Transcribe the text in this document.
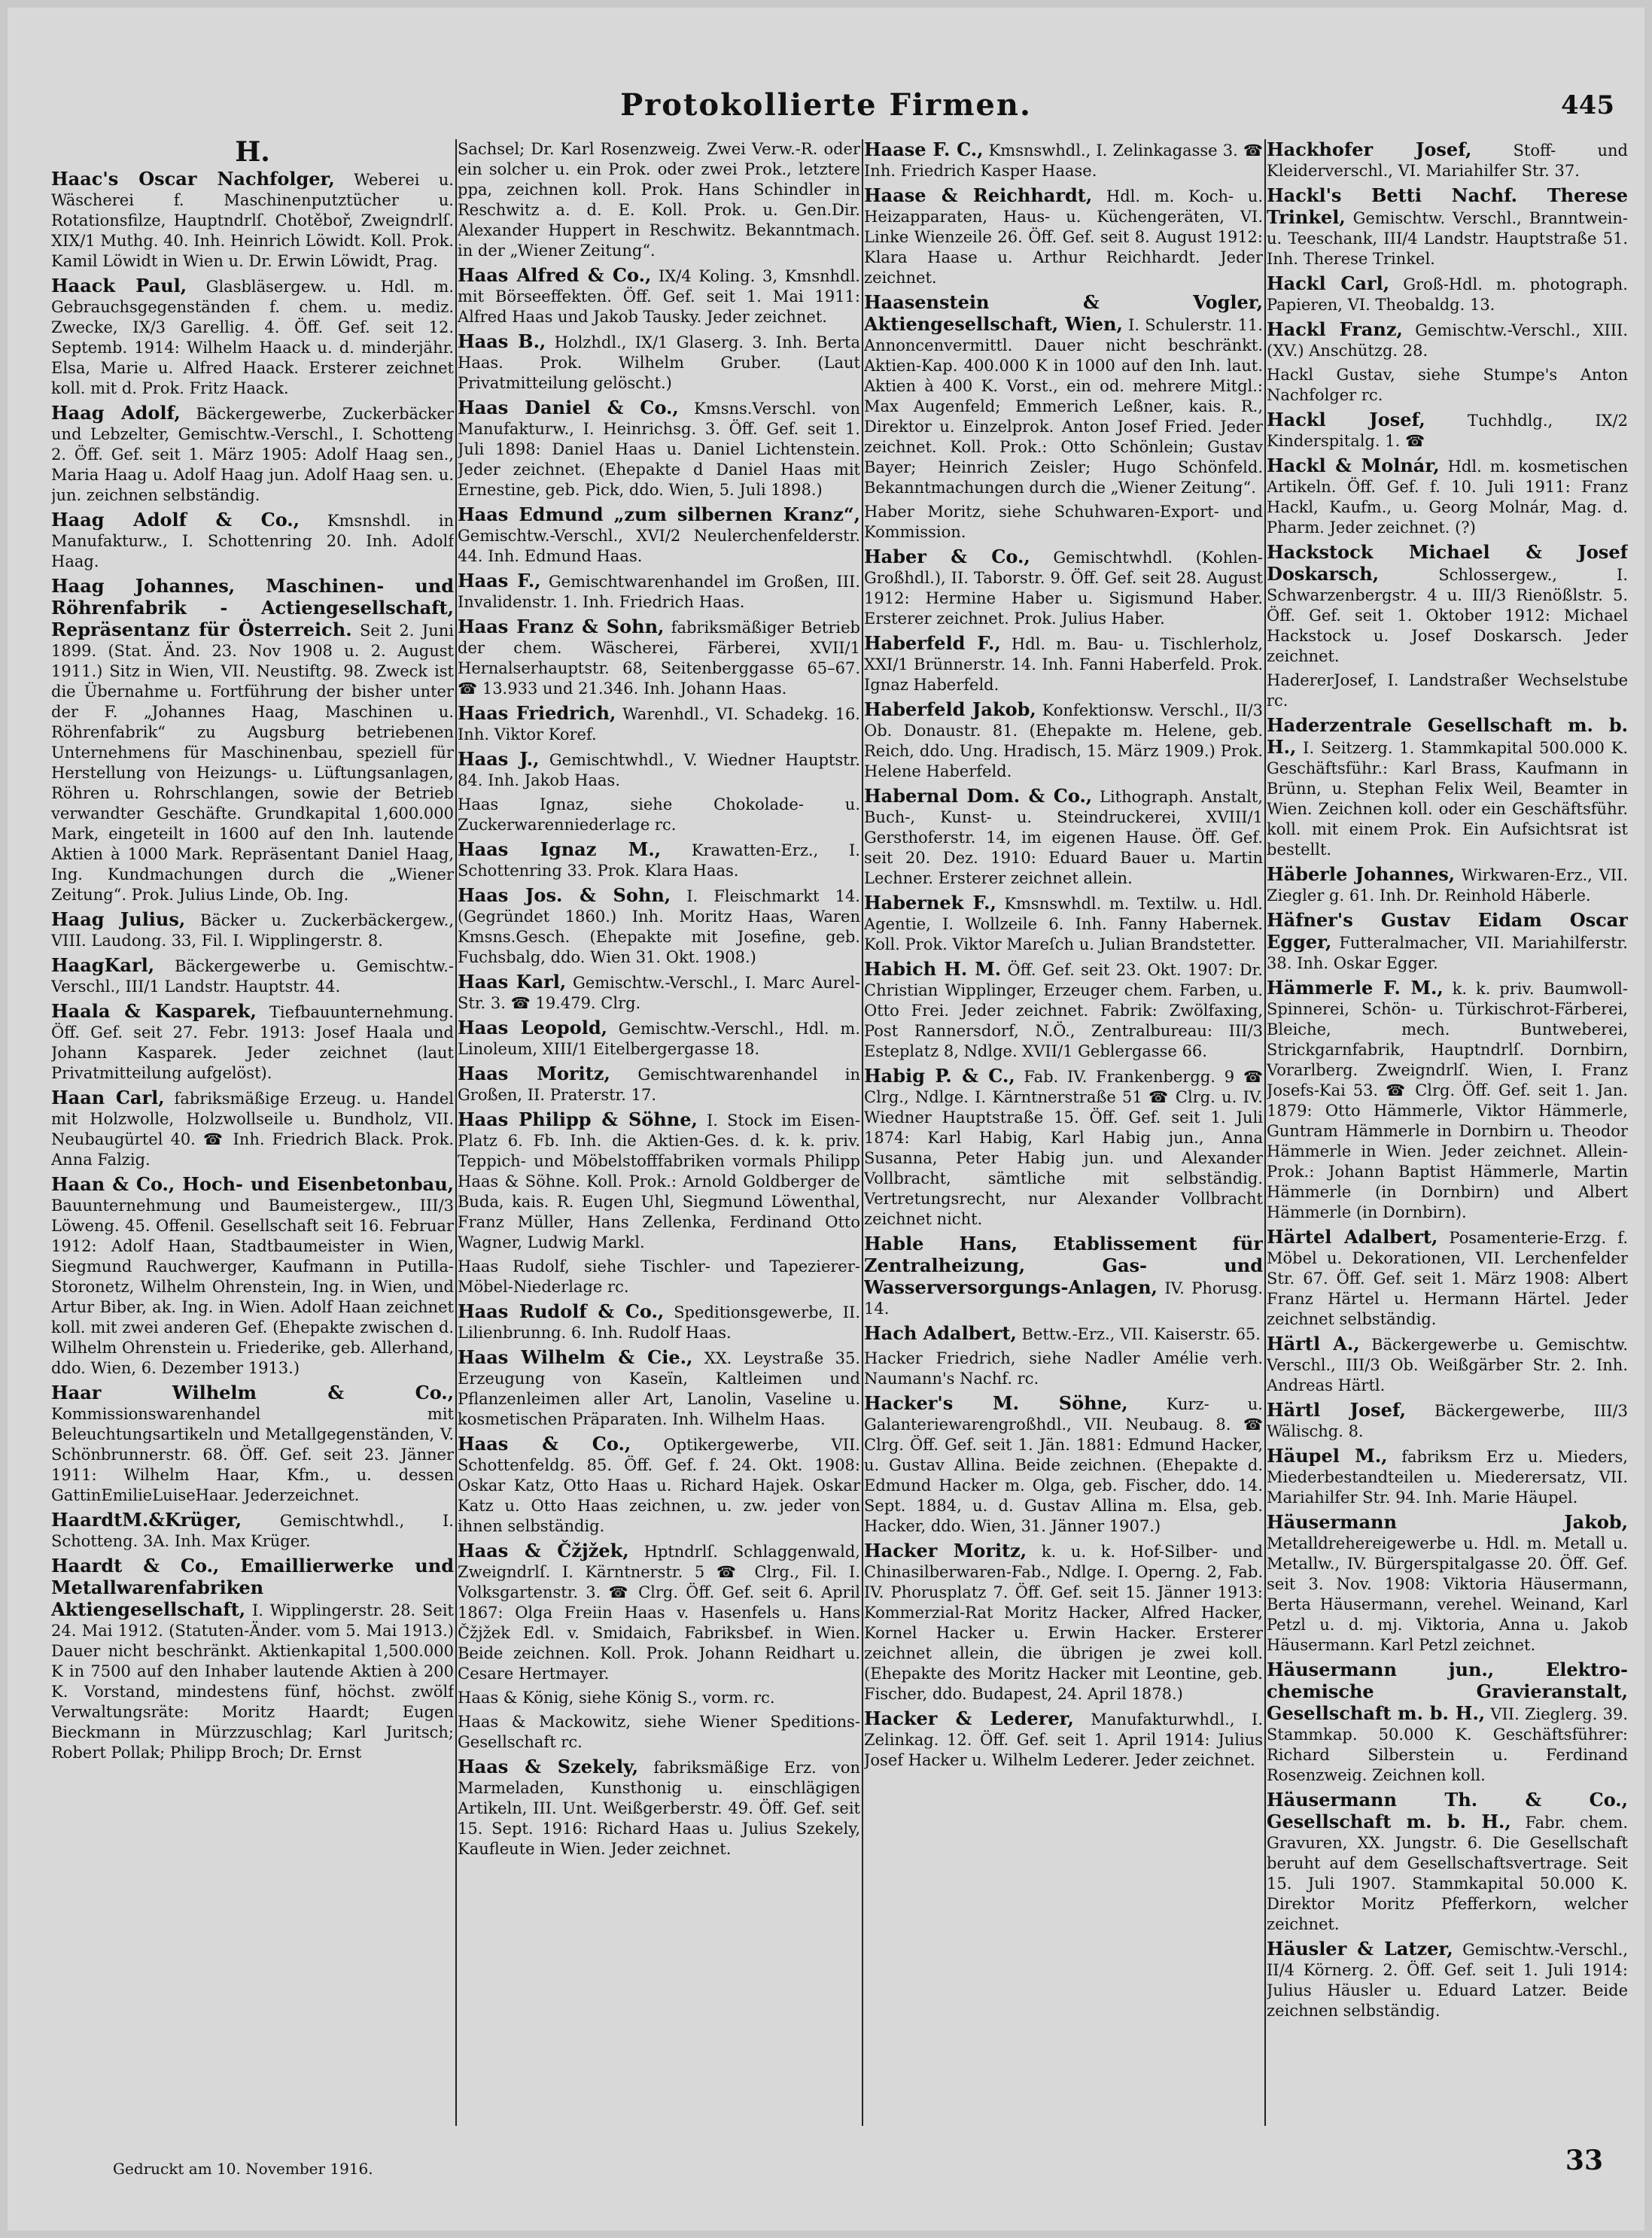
Protokollierte Firmen.	445
H.
Haac's Oscar Nachfolger, Weberei u. Wäscherei f. Maschinenputztücher u. Rotationsfilze, Hauptndrlſ. Chotěboř, Zweigndrlſ. XIX/1 Muthg. 40. Inh. Heinrich Löwidt. Koll. Prok. Kamil Löwidt in Wien u. Dr. Erwin Löwidt, Prag.
Haack Paul, Glasbläsergew. u. Hdl. m. Gebrauchsgegenständen f. chem. u. mediz. Zwecke, IX/3 Garellig. 4. Öff. Gef. seit 12. Septemb. 1914: Wilhelm Haack u. d. minderjähr. Elsa, Marie u. Alfred Haack. Ersterer zeichnet koll. mit d. Prok. Fritz Haack.
Haag Adolf, Bäckergewerbe, Zuckerbäcker und Lebzelter, Gemischtw.-Verschl., I. Schotteng 2. Öff. Gef. seit 1. März 1905: Adolf Haag sen., Maria Haag u. Adolf Haag jun. Adolf Haag sen. u. jun. zeichnen selbständig.
Haag Adolf & Co., Kmsnshdl. in Manufakturw., I. Schottenring 20. Inh. Adolf Haag.
Haag Johannes, Maschinen- und Röhrenfabrik - Actiengesellschaft, Repräsentanz für Österreich. Seit 2. Juni 1899. (Stat. Änd. 23. Nov 1908 u. 2. August 1911.) Sitz in Wien, VII. Neustiftg. 98. Zweck ist die Übernahme u. Fortführung der bisher unter der F. „Johannes Haag, Maschinen u. Röhrenfabrik“ zu Augsburg betriebenen Unternehmens für Maschinenbau, speziell für Herstellung von Heizungs- u. Lüftungsanlagen, Röhren u. Rohrschlangen, sowie der Betrieb verwandter Geschäfte. Grundkapital 1,600.000 Mark, eingeteilt in 1600 auf den Inh. lautende Aktien à 1000 Mark. Repräsentant Daniel Haag, Ing. Kundmachungen durch die „Wiener Zeitung“. Prok. Julius Linde, Ob. Ing.
Haag Julius, Bäcker u. Zuckerbäckergew., VIII. Laudong. 33, Fil. I. Wipplingerstr. 8.
HaagKarl, Bäckergewerbe u. Gemischtw.-Verschl., III/1 Landstr. Hauptstr. 44.
Haala & Kasparek, Tiefbauunternehmung. Öff. Gef. seit 27. Febr. 1913: Josef Haala und Johann Kasparek. Jeder zeichnet (laut Privatmitteilung aufgelöst).
Haan Carl, fabriksmäßige Erzeug. u. Handel mit Holzwolle, Holzwollseile u. Bundholz, VII. Neubaugürtel 40. ☎ Inh. Friedrich Black. Prok. Anna Falzig.
Haan & Co., Hoch- und Eisenbetonbau, Bauunternehmung und Baumeistergew., III/3 Löweng. 45. Offenil. Gesellschaft seit 16. Februar 1912: Adolf Haan, Stadtbaumeister in Wien, Siegmund Rauchwerger, Kaufmann in Putilla-Storonetz, Wilhelm Ohrenstein, Ing. in Wien, und Artur Biber, ak. Ing. in Wien. Adolf Haan zeichnet koll. mit zwei anderen Gef. (Ehepakte zwischen d. Wilhelm Ohrenstein u. Friederike, geb. Allerhand, ddo. Wien, 6. Dezember 1913.)
Haar Wilhelm & Co., Kommissionswarenhandel mit Beleuchtungsartikeln und Metallgegenständen, V. Schönbrunnerstr. 68. Öff. Gef. seit 23. Jänner 1911: Wilhelm Haar, Kfm., u. dessen GattinEmilieLuiseHaar. Jederzeichnet.
HaardtM.&Krüger, Gemischtwhdl., I. Schotteng. 3A. Inh. Max Krüger.
Haardt & Co., Emaillierwerke und Metallwarenfabriken Aktiengesellschaft, I. Wipplingerstr. 28. Seit 24. Mai 1912. (Statuten-Änder. vom 5. Mai 1913.) Dauer nicht beschränkt. Aktienkapital 1,500.000 K in 7500 auf den Inhaber lautende Aktien à 200 K. Vorstand, mindestens fünf, höchst. zwölf Verwaltungsräte: Moritz Haardt; Eugen Bieckmann in Mürzzuschlag; Karl Juritsch; Robert Pollak; Philipp Broch; Dr. Ernst
Sachsel; Dr. Karl Rosenzweig. Zwei Verw.-R. oder ein solcher u. ein Prok. oder zwei Prok., letztere ppa, zeichnen koll. Prok. Hans Schindler in Reschwitz a. d. E. Koll. Prok. u. Gen.Dir. Alexander Huppert in Reschwitz. Bekanntmach. in der „Wiener Zeitung“.
Haas Alfred & Co., IX/4 Koling. 3, Kmsnhdl. mit Börseeffekten. Öff. Gef. seit 1. Mai 1911: Alfred Haas und Jakob Tausky. Jeder zeichnet.
Haas B., Holzhdl., IX/1 Glaserg. 3. Inh. Berta Haas. Prok. Wilhelm Gruber. (Laut Privatmitteilung gelöscht.)
Haas Daniel & Co., Kmsns.Verschl. von Manufakturw., I. Heinrichsg. 3. Öff. Gef. seit 1. Juli 1898: Daniel Haas u. Daniel Lichtenstein. Jeder zeichnet. (Ehepakte d Daniel Haas mit Ernestine, geb. Pick, ddo. Wien, 5. Juli 1898.)
Haas Edmund „zum silbernen Kranz“, Gemischtw.-Verschl., XVI/2 Neulerchenfelderstr. 44. Inh. Edmund Haas.
Haas F., Gemischtwarenhandel im Großen, III. Invalidenstr. 1. Inh. Friedrich Haas.
Haas Franz & Sohn, fabriksmäßiger Betrieb der chem. Wäscherei, Färberei, XVII/1 Hernalserhauptstr. 68, Seitenberggasse 65–67. ☎ 13.933 und 21.346. Inh. Johann Haas.
Haas Friedrich, Warenhdl., VI. Schadekg. 16. Inh. Viktor Koref.
Haas J., Gemischtwhdl., V. Wiedner Hauptstr. 84. Inh. Jakob Haas.
Haas Ignaz, siehe Chokolade- u. Zuckerwarenniederlage rc.
Haas Ignaz M., Krawatten-Erz., I. Schottenring 33. Prok. Klara Haas.
Haas Jos. & Sohn, I. Fleischmarkt 14. (Gegründet 1860.) Inh. Moritz Haas, Waren Kmsns.Gesch. (Ehepakte mit Josefine, geb. Fuchsbalg, ddo. Wien 31. Okt. 1908.)
Haas Karl, Gemischtw.-Verschl., I. Marc Aurel-Str. 3. ☎ 19.479. Clrg.
Haas Leopold, Gemischtw.-Verschl., Hdl. m. Linoleum, XIII/1 Eitelbergergasse 18.
Haas Moritz, Gemischtwarenhandel in Großen, II. Praterstr. 17.
Haas Philipp & Söhne, I. Stock im Eisen-Platz 6. Fb. Inh. die Aktien-Ges. d. k. k. priv. Teppich- und Möbelstofffabriken vormals Philipp Haas & Söhne. Koll. Prok.: Arnold Goldberger de Buda, kais. R. Eugen Uhl, Siegmund Löwenthal, Franz Müller, Hans Zellenka, Ferdinand Otto Wagner, Ludwig Markl.
Haas Rudolf, siehe Tischler- und Tapezierer-Möbel-Niederlage rc.
Haas Rudolf & Co., Speditionsgewerbe, II. Lilienbrunng. 6. Inh. Rudolf Haas.
Haas Wilhelm & Cie., XX. Leystraße 35. Erzeugung von Kaseïn, Kaltleimen und Pflanzenleimen aller Art, Lanolin, Vaseline u. kosmetischen Präparaten. Inh. Wilhelm Haas.
Haas & Co., Optikergewerbe, VII. Schottenfeldg. 85. Öff. Gef. f. 24. Okt. 1908: Oskar Katz, Otto Haas u. Richard Hajek. Oskar Katz u. Otto Haas zeichnen, u. zw. jeder von ihnen selbständig.
Haas & Čžjžek, Hptndrlſ. Schlaggenwald, Zweigndrlſ. I. Kärntnerstr. 5 ☎ Clrg., Fil. I. Volksgartenstr. 3. ☎ Clrg. Öff. Gef. seit 6. April 1867: Olga Freiin Haas v. Hasenfels u. Hans Čžjžek Edl. v. Smidaich, Fabriksbef. in Wien. Beide zeichnen. Koll. Prok. Johann Reidhart u. Cesare Hertmayer.
Haas & König, siehe König S., vorm. rc.
Haas & Mackowitz, siehe Wiener Speditions-Gesellschaft rc.
Haas & Szekely, fabriksmäßige Erz. von Marmeladen, Kunsthonig u. einschlägigen Artikeln, III. Unt. Weißgerberstr. 49. Öff. Gef. seit 15. Sept. 1916: Richard Haas u. Julius Szekely, Kaufleute in Wien. Jeder zeichnet.
Haase F. C., Kmsnswhdl., I. Zelinkagasse 3. ☎ Inh. Friedrich Kasper Haase.
Haase & Reichhardt, Hdl. m. Koch- u. Heizapparaten, Haus- u. Küchengeräten, VI. Linke Wienzeile 26. Öff. Gef. seit 8. August 1912: Klara Haase u. Arthur Reichhardt. Jeder zeichnet.
Haasenstein & Vogler, Aktiengesellschaft, Wien, I. Schulerstr. 11. Annoncenvermittl. Dauer nicht beschränkt. Aktien-Kap. 400.000 K in 1000 auf den Inh. laut. Aktien à 400 K. Vorst., ein od. mehrere Mitgl.: Max Augenfeld; Emmerich Leßner, kais. R., Direktor u. Einzelprok. Anton Josef Fried. Jeder zeichnet. Koll. Prok.: Otto Schönlein; Gustav Bayer; Heinrich Zeisler; Hugo Schönfeld. Bekanntmachungen durch die „Wiener Zeitung“.
Haber Moritz, siehe Schuhwaren-Export- und Kommission.
Haber & Co., Gemischtwhdl. (Kohlen-Großhdl.), II. Taborstr. 9. Öff. Gef. seit 28. August 1912: Hermine Haber u. Sigismund Haber. Ersterer zeichnet. Prok. Julius Haber.
Haberfeld F., Hdl. m. Bau- u. Tischlerholz, XXI/1 Brünnerstr. 14. Inh. Fanni Haberfeld. Prok. Ignaz Haberfeld.
Haberfeld Jakob, Konfektionsw. Verschl., II/3 Ob. Donaustr. 81. (Ehepakte m. Helene, geb. Reich, ddo. Ung. Hradisch, 15. März 1909.) Prok. Helene Haberfeld.
Habernal Dom. & Co., Lithograph. Anstalt, Buch-, Kunst- u. Steindruckerei, XVIII/1 Gersthoferstr. 14, im eigenen Hause. Öff. Gef. seit 20. Dez. 1910: Eduard Bauer u. Martin Lechner. Ersterer zeichnet allein.
Habernek F., Kmsnswhdl. m. Textilw. u. Hdl. Agentie, I. Wollzeile 6. Inh. Fanny Habernek. Koll. Prok. Viktor Mareſch u. Julian Brandstetter.
Habich H. M. Öff. Gef. seit 23. Okt. 1907: Dr. Christian Wipplinger, Erzeuger chem. Farben, u. Otto Frei. Jeder zeichnet. Fabrik: Zwölfaxing, Post Rannersdorf, N.Ö., Zentralbureau: III/3 Esteplatz 8, Ndlge. XVII/1 Geblergasse 66.
Habig P. & C., Fab. IV. Frankenbergg. 9 ☎ Clrg., Ndlge. I. Kärntnerstraße 51 ☎ Clrg. u. IV. Wiedner Hauptstraße 15. Öff. Gef. seit 1. Juli 1874: Karl Habig, Karl Habig jun., Anna Susanna, Peter Habig jun. und Alexander Vollbracht, sämtliche mit selbständig. Vertretungsrecht, nur Alexander Vollbracht zeichnet nicht.
Hable Hans, Etablissement für Zentralheizung, Gas- und Wasserversorgungs-Anlagen, IV. Phorusg. 14.
Hach Adalbert, Bettw.-Erz., VII. Kaiserstr. 65.
Hacker Friedrich, siehe Nadler Amélie verh. Naumann's Nachf. rc.
Hacker's M. Söhne, Kurz- u. Galanteriewarengroßhdl., VII. Neubaug. 8. ☎ Clrg. Öff. Gef. seit 1. Jän. 1881: Edmund Hacker, u. Gustav Allina. Beide zeichnen. (Ehepakte d. Edmund Hacker m. Olga, geb. Fischer, ddo. 14. Sept. 1884, u. d. Gustav Allina m. Elsa, geb. Hacker, ddo. Wien, 31. Jänner 1907.)
Hacker Moritz, k. u. k. Hof-Silber- und Chinasilberwaren-Fab., Ndlge. I. Operng. 2, Fab. IV. Phorusplatz 7. Öff. Gef. seit 15. Jänner 1913: Kommerzial-Rat Moritz Hacker, Alfred Hacker, Kornel Hacker u. Erwin Hacker. Ersterer zeichnet allein, die übrigen je zwei koll. (Ehepakte des Moritz Hacker mit Leontine, geb. Fischer, ddo. Budapest, 24. April 1878.)
Hacker & Lederer, Manufakturwhdl., I. Zelinkag. 12. Öff. Gef. seit 1. April 1914: Julius Josef Hacker u. Wilhelm Lederer. Jeder zeichnet.
Hackhofer Josef,	Stoff- und Kleiderverschl., VI. Mariahilfer Str. 37.
Hackl's Betti Nachf. Therese Trinkel, Gemischtw. Verschl., Branntwein- u. Teeschank, III/4 Landstr. Hauptstraße 51. Inh. Therese Trinkel.
Hackl Carl, Groß-Hdl. m. photograph. Papieren, VI. Theobaldg. 13.
Hackl Franz, Gemischtw.-Verschl., XIII. (XV.) Anschützg. 28.
Hackl Gustav, siehe Stumpe's Anton Nachfolger rc.
Hackl Josef,	Tuchhdlg., IX/2 Kinderspitalg. 1. ☎
Hackl & Molnár, Hdl. m. kosmetischen Artikeln. Öff. Gef. f. 10. Juli 1911: Franz Hackl, Kaufm., u. Georg Molnár, Mag. d. Pharm. Jeder zeichnet. (?)
Hackstock Michael & Josef Doskarsch,	Schlossergew., I. Schwarzenbergstr. 4 u. III/3 Rienößlstr. 5. Öff. Gef. seit 1. Oktober 1912: Michael Hackstock u. Josef Doskarsch. Jeder zeichnet.
HadererJosef, I. Landstraßer Wechselstube rc.
Haderzentrale Gesellschaft m. b. H., I. Seitzerg. 1. Stammkapital 500.000 K. Geschäftsführ.: Karl Brass, Kaufmann in Brünn, u. Stephan Felix Weil, Beamter in Wien. Zeichnen koll. oder ein Geschäftsführ. koll. mit einem Prok. Ein Aufsichtsrat ist bestellt.
Häberle Johannes, Wirkwaren-Erz., VII. Ziegler g. 61. Inh. Dr. Reinhold Häberle.
Häfner's Gustav Eidam Oscar Egger, Futteralmacher, VII. Mariahilferstr. 38. Inh. Oskar Egger.
Hämmerle F. M., k. k. priv. Baumwoll-Spinnerei, Schön- u. Türkischrot-Färberei, Bleiche, mech. Buntweberei, Strickgarnfabrik, Hauptndrlſ. Dornbirn, Vorarlberg. Zweigndrlſ. Wien, I. Franz Josefs-Kai 53. ☎ Clrg. Öff. Gef. seit 1. Jan. 1879: Otto Hämmerle, Viktor Hämmerle, Guntram Hämmerle in Dornbirn u. Theodor Hämmerle in Wien. Jeder zeichnet. Allein-Prok.: Johann Baptist Hämmerle, Martin Hämmerle (in Dornbirn) und Albert Hämmerle (in Dornbirn).
Härtel Adalbert, Posamenterie-Erzg. f. Möbel u. Dekorationen, VII. Lerchenfelder Str. 67. Öff. Gef. seit 1. März 1908: Albert Franz Härtel u. Hermann Härtel. Jeder zeichnet selbständig.
Härtl A., Bäckergewerbe u. Gemischtw. Verschl., III/3 Ob. Weißgärber Str. 2. Inh. Andreas Härtl.
Härtl Josef, Bäckergewerbe, III/3 Wälischg. 8.
Häupel M., fabriksm Erz u. Mieders, Miederbestandteilen u. Miederersatz, VII. Mariahilfer Str. 94. Inh. Marie Häupel.
Häusermann Jakob, Metalldrehereigewerbe u. Hdl. m. Metall u. Metallw., IV. Bürgerspitalgasse 20. Öff. Gef. seit 3. Nov. 1908: Viktoria Häusermann, Berta Häusermann, verehel. Weinand, Karl Petzl u. d. mj. Viktoria, Anna u. Jakob Häusermann. Karl Petzl zeichnet.
Häusermann jun., Elektro-chemische Gravieranstalt, Gesellschaft m. b. H., VII. Zieglerg. 39. Stammkap. 50.000 K. Geschäftsführer: Richard Silberstein u. Ferdinand Rosenzweig. Zeichnen koll.
Häusermann Th. & Co., Gesellschaft m. b. H., Fabr. chem. Gravuren, XX. Jungstr. 6. Die Gesellschaft beruht auf dem Gesellschaftsvertrage. Seit 15. Juli 1907. Stammkapital 50.000 K. Direktor Moritz Pfefferkorn, welcher zeichnet.
Häusler & Latzer, Gemischtw.-Verschl., II/4 Körnerg. 2. Öff. Gef. seit 1. Juli 1914: Julius Häusler u. Eduard Latzer. Beide zeichnen selbständig.
Gedruckt am 10. November 1916.	33
